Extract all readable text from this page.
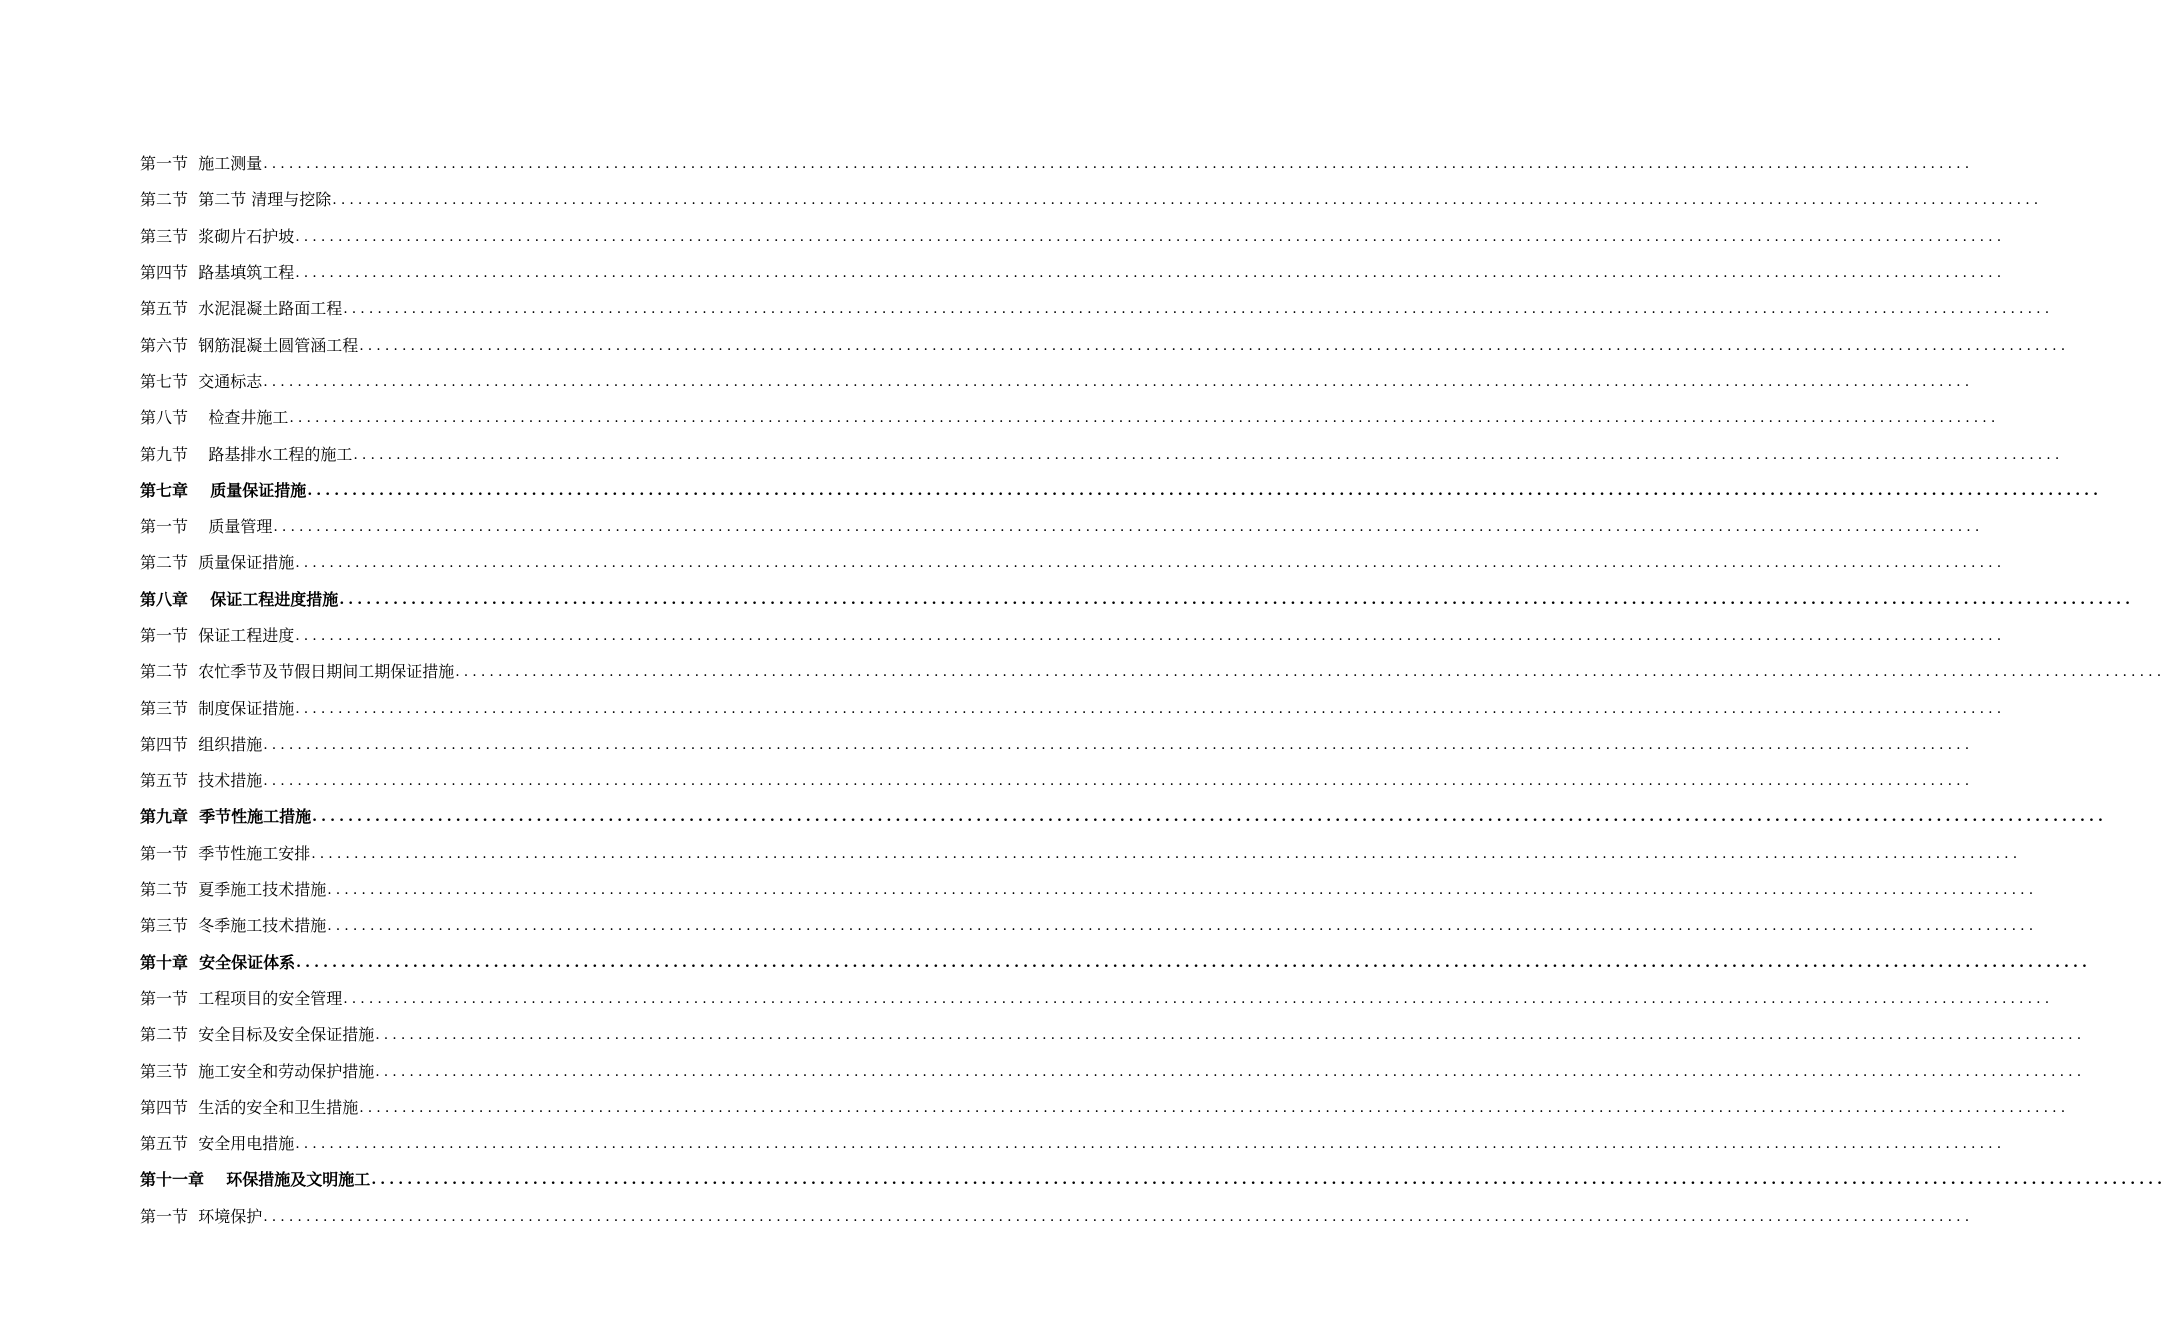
第一节
施工测量 ........................................................................................................................................................................................................
第二节
第二节 清理与挖除 ........................................................................................................................................................................................................
第三节
浆砌片石护坡 ........................................................................................................................................................................................................
第四节
路基填筑工程 ........................................................................................................................................................................................................
第五节
水泥混凝土路面工程 ........................................................................................................................................................................................................
第六节
钢筋混凝土圆管涵工程 ........................................................................................................................................................................................................
第七节
交通标志 ........................................................................................................................................................................................................
第八节
检查井施工 ........................................................................................................................................................................................................
第九节
路基排水工程的施工 ........................................................................................................................................................................................................
第七章
质量保证措施 ........................................................................................................................................................................................................
第一节
质量管理 ........................................................................................................................................................................................................
第二节
质量保证措施 ........................................................................................................................................................................................................
第八章
保证工程进度措施 ........................................................................................................................................................................................................
第一节
保证工程进度 ........................................................................................................................................................................................................
第二节
农忙季节及节假日期间工期保证措施 ........................................................................................................................................................................................................
第三节
制度保证措施 ........................................................................................................................................................................................................
第四节
组织措施 ........................................................................................................................................................................................................
第五节
技术措施 ........................................................................................................................................................................................................
第九章
季节性施工措施 ........................................................................................................................................................................................................
第一节
季节性施工安排 ........................................................................................................................................................................................................
第二节
夏季施工技术措施 ........................................................................................................................................................................................................
第三节
冬季施工技术措施 ........................................................................................................................................................................................................
第十章
安全保证体系 ........................................................................................................................................................................................................
第一节
工程项目的安全管理 ........................................................................................................................................................................................................
第二节
安全目标及安全保证措施 ........................................................................................................................................................................................................
第三节
施工安全和劳动保护措施 ........................................................................................................................................................................................................
第四节
生活的安全和卫生措施 ........................................................................................................................................................................................................
第五节
安全用电措施 ........................................................................................................................................................................................................
第十一章
环保措施及文明施工 ........................................................................................................................................................................................................
第一节
环境保护 ........................................................................................................................................................................................................
